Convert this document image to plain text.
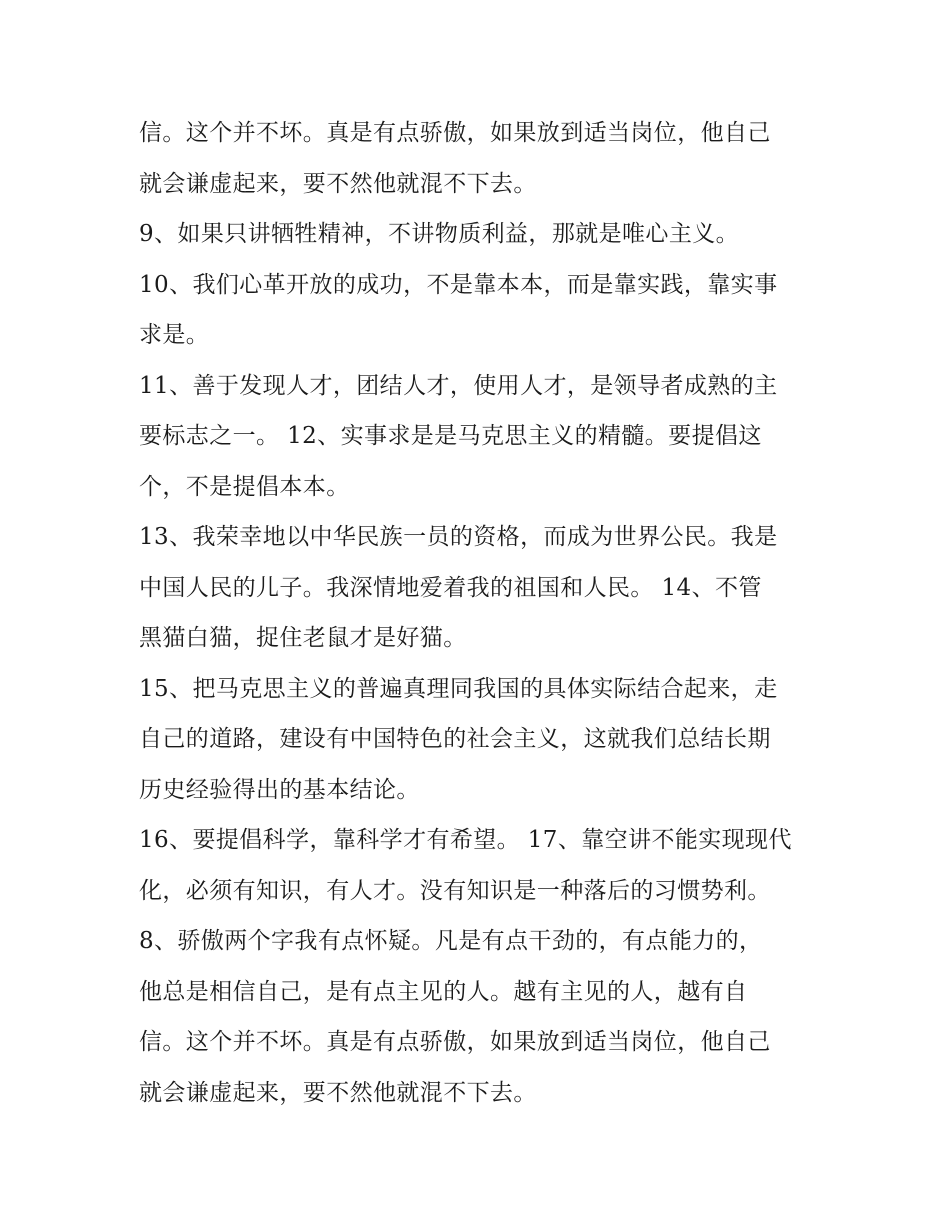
信。这个并不坏。真是有点骄傲，如果放到适当岗位，他自己
就会谦虚起来，要不然他就混不下去。
9、如果只讲牺牲精神，不讲物质利益，那就是唯心主义。
10、我们心革开放的成功，不是靠本本，而是靠实践，靠实事
求是。
11、善于发现人才，团结人才，使用人才，是领导者成熟的主
要标志之一。 12、实事求是是马克思主义的精髓。要提倡这
个，不是提倡本本。
13、我荣幸地以中华民族一员的资格，而成为世界公民。我是
中国人民的儿子。我深情地爱着我的祖国和人民。 14、不管
黑猫白猫，捉住老鼠才是好猫。
15、把马克思主义的普遍真理同我国的具体实际结合起来，走
自己的道路，建设有中国特色的社会主义，这就我们总结长期
历史经验得出的基本结论。
16、要提倡科学，靠科学才有希望。 17、靠空讲不能实现现代
化，必须有知识，有人才。没有知识是一种落后的习惯势利。
8、骄傲两个字我有点怀疑。凡是有点干劲的，有点能力的，
他总是相信自己，是有点主见的人。越有主见的人，越有自
信。这个并不坏。真是有点骄傲，如果放到适当岗位，他自己
就会谦虚起来，要不然他就混不下去。
